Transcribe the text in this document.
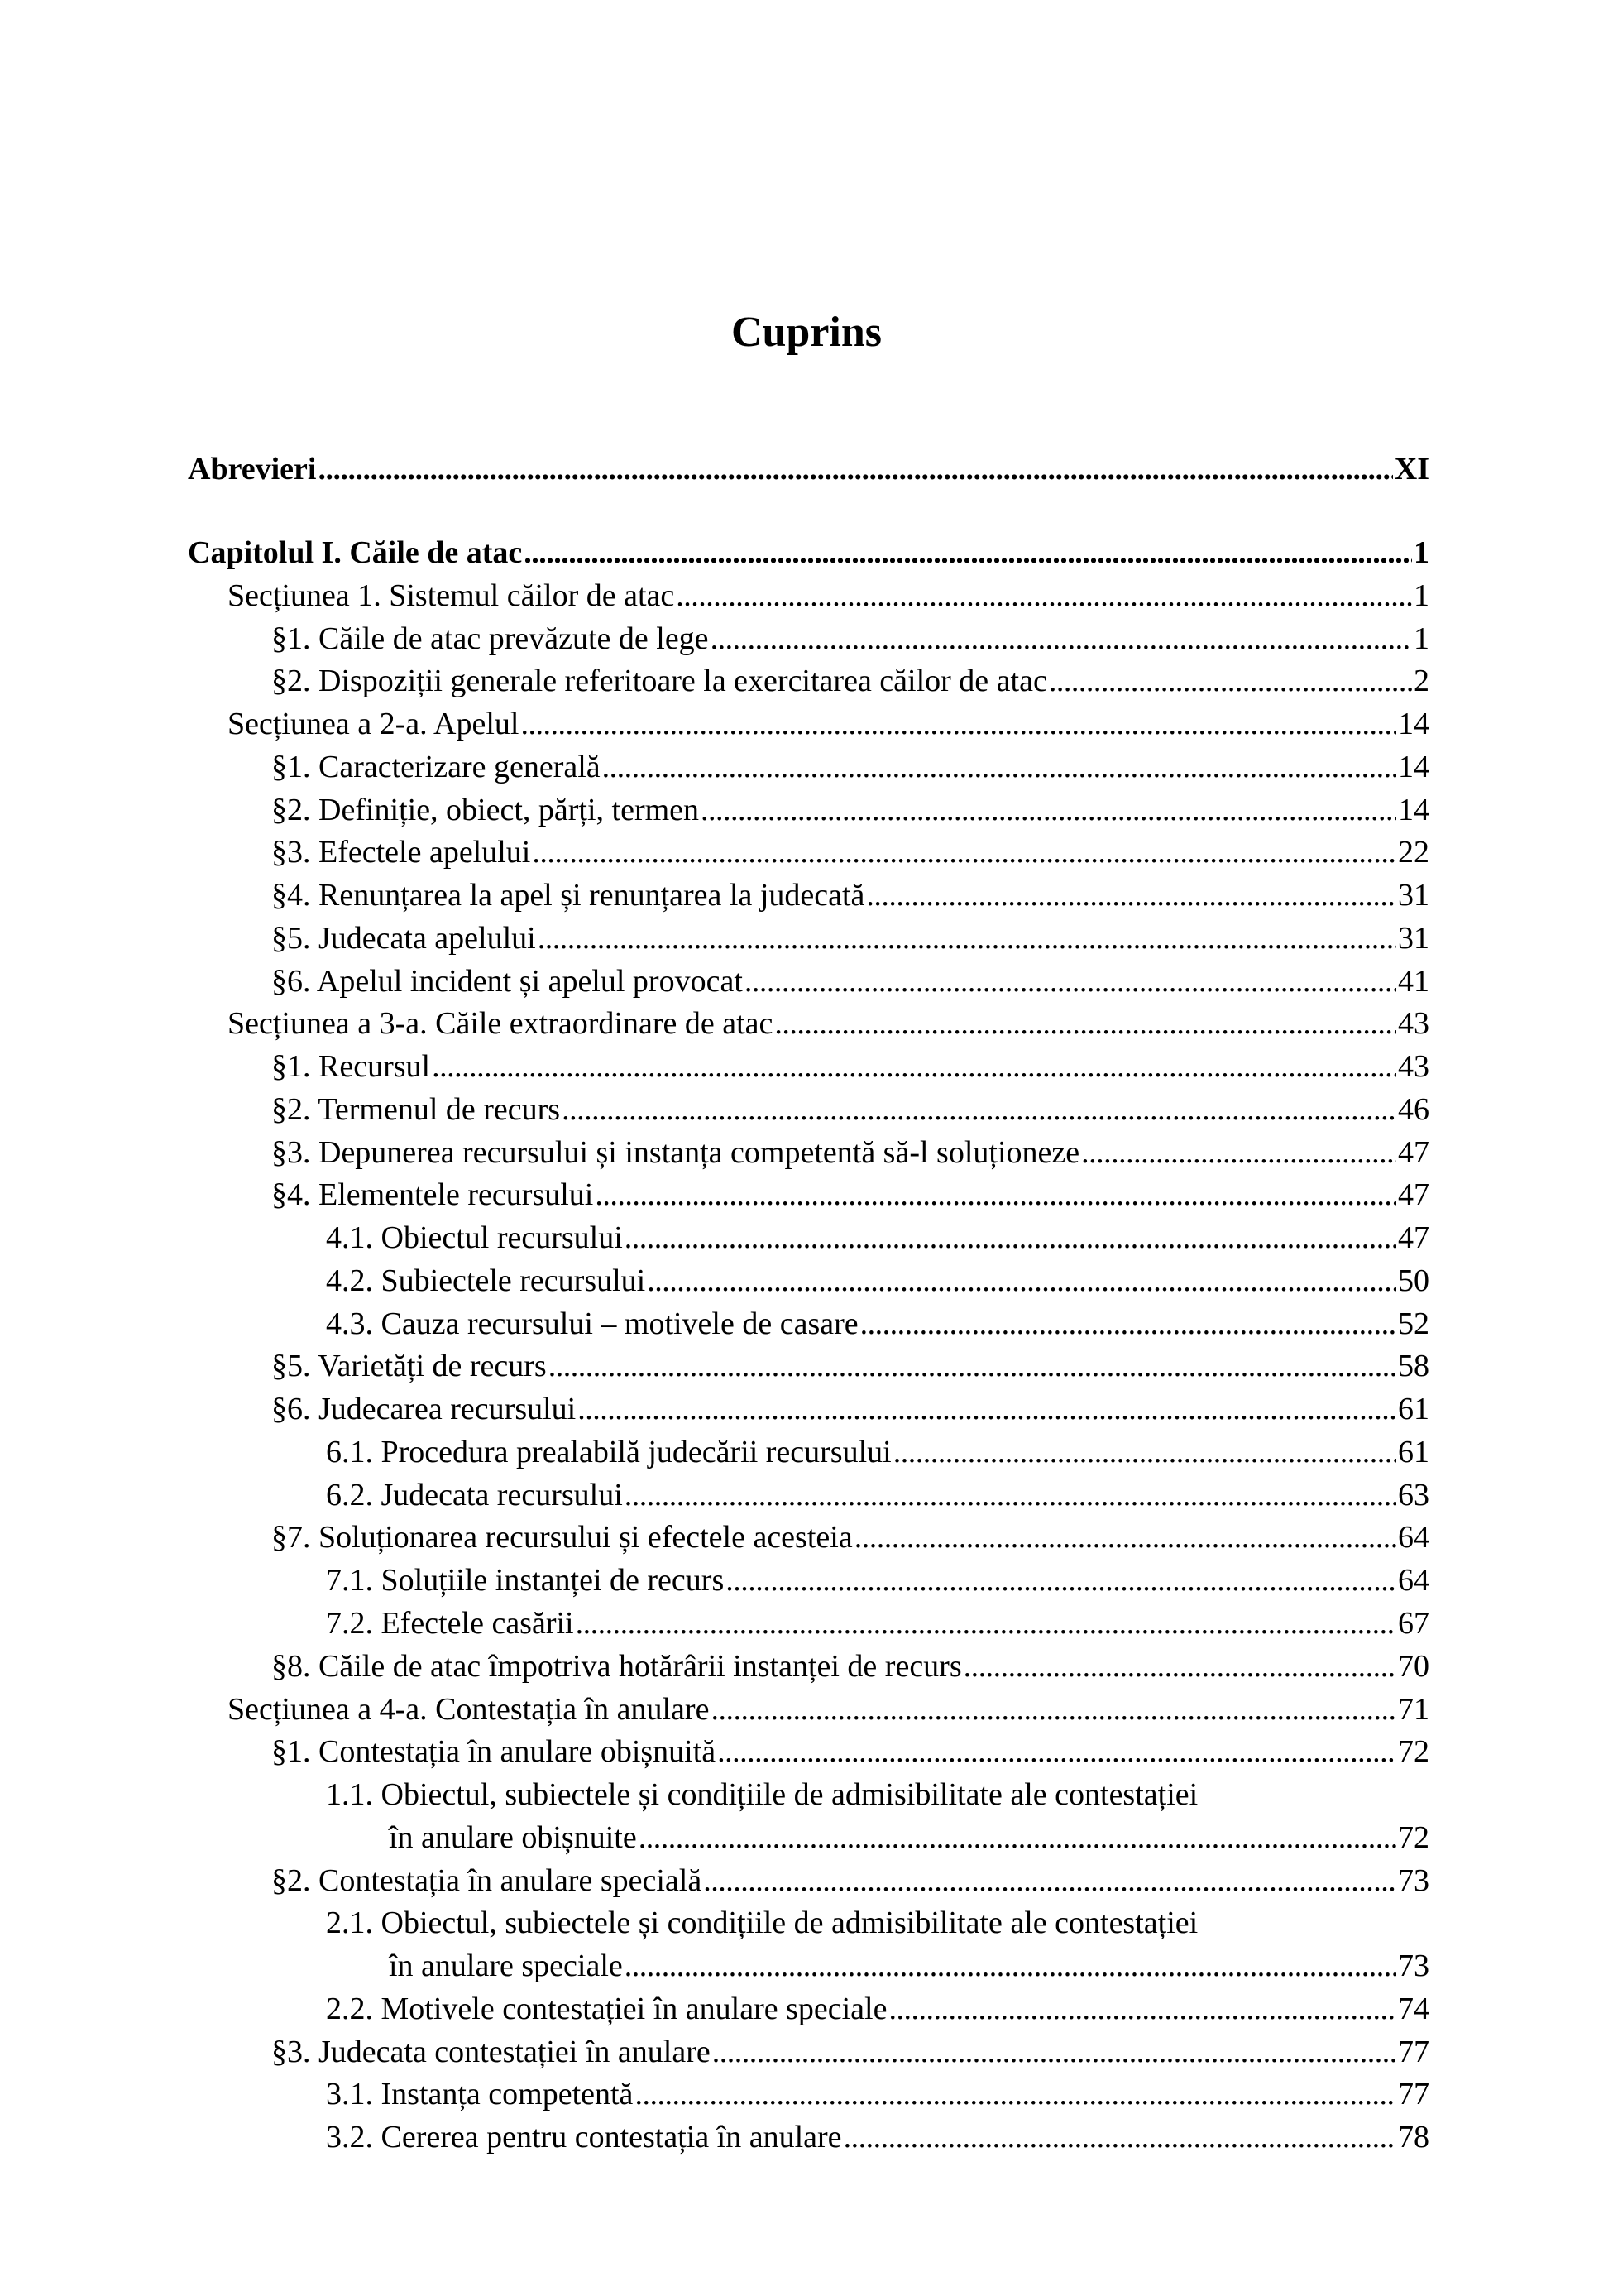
Cuprins
Abrevieri . . .	XI
Capitolul I. Căile de atac . . .	1
Secțiunea 1. Sistemul căilor de atac . . .	1
§1. Căile de atac prevăzute de lege . . .	1
§2. Dispoziții generale referitoare la exercitarea căilor de atac . . .	2
Secțiunea a 2-a. Apelul . . .	14
§1. Caracterizare generală . . .	14
§2. Definiție, obiect, părți, termen . . .	14
§3. Efectele apelului . . .	22
§4. Renunțarea la apel și renunțarea la judecată . . .	31
§5. Judecata apelului . . .	31
§6. Apelul incident și apelul provocat . . .	41
Secțiunea a 3-a. Căile extraordinare de atac . . .	43
§1. Recursul . . .	43
§2. Termenul de recurs . . .	46
§3. Depunerea recursului și instanța competentă să-l soluționeze . . .	47
§4. Elementele recursului . . .	47
4.1. Obiectul recursului . . .	47
4.2. Subiectele recursului . . .	50
4.3. Cauza recursului – motivele de casare . . .	52
§5. Varietăți de recurs . . .	58
§6. Judecarea recursului . . .	61
6.1. Procedura prealabilă judecării recursului . . .	61
6.2. Judecata recursului . . .	63
§7. Soluționarea recursului și efectele acesteia . . .	64
7.1. Soluțiile instanței de recurs . . .	64
7.2. Efectele casării . . .	67
§8. Căile de atac împotriva hotărârii instanței de recurs . . .	70
Secțiunea a 4-a. Contestația în anulare . . .	71
§1. Contestația în anulare obișnuită . . .	72
1.1. Obiectul, subiectele și condițiile de admisibilitate ale contestației
în anulare obișnuite . . .	72
§2. Contestația în anulare specială . . .	73
2.1. Obiectul, subiectele și condițiile de admisibilitate ale contestației
în anulare speciale . . .	73
2.2. Motivele contestației în anulare speciale . . .	74
§3. Judecata contestației în anulare . . .	77
3.1. Instanța competentă . . .	77
3.2. Cererea pentru contestația în anulare . . .	78
